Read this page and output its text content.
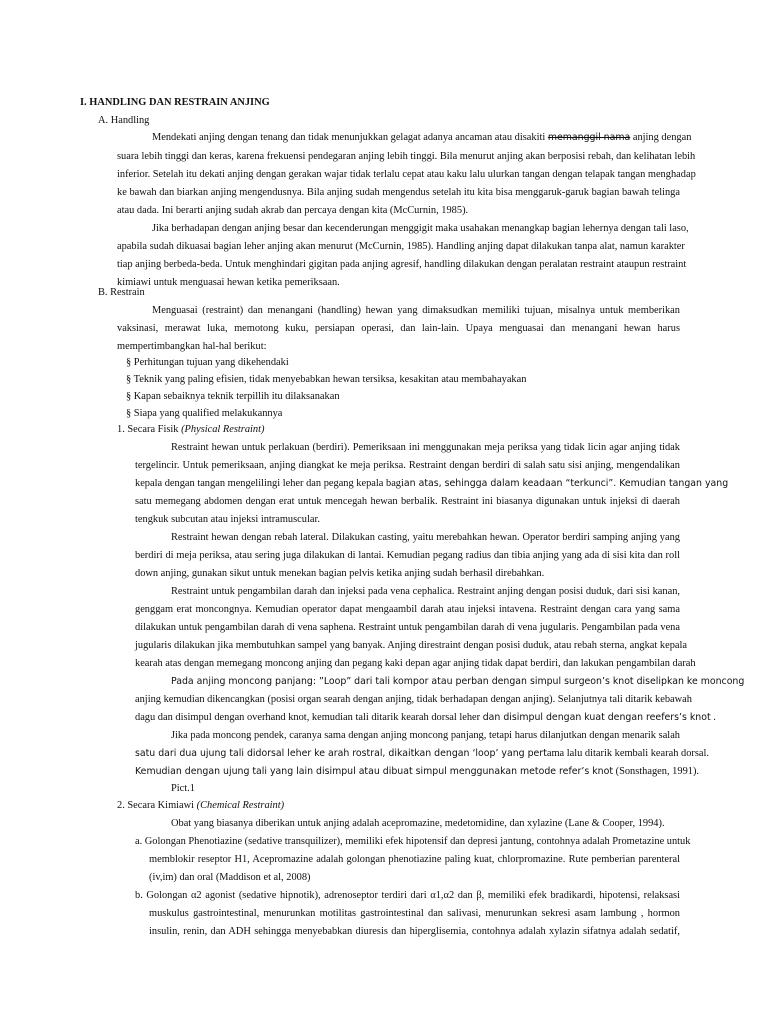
I. HANDLING DAN RESTRAIN ANJING
A. Handling
Mendekati anjing dengan tenang dan tidak menunjukkan gelagat adanya ancaman atau disakiti memanggil nama anjing dengan
suara lebih tinggi dan keras, karena frekuensi pendegaran anjing lebih tinggi. Bila menurut anjing akan berposisi rebah, dan kelihatan lebih
inferior. Setelah itu dekati anjing dengan gerakan wajar tidak terlalu cepat atau kaku lalu ulurkan tangan dengan telapak tangan menghadap
ke bawah dan biarkan anjing mengendusnya. Bila anjing sudah mengendus setelah itu kita bisa menggaruk-garuk bagian bawah telinga
atau dada. Ini berarti anjing sudah akrab dan percaya dengan kita (McCurnin, 1985).
Jika berhadapan dengan anjing besar dan kecenderungan menggigit maka usahakan menangkap bagian lehernya dengan tali laso,
apabila sudah dikuasai bagian leher anjing akan menurut (McCurnin, 1985). Handling anjing dapat dilakukan tanpa alat, namun karakter
tiap anjing berbeda-beda. Untuk menghindari gigitan pada anjing agresif, handling dilakukan dengan peralatan restraint ataupun restraint
kimiawi untuk menguasai hewan ketika pemeriksaan.
B. Restrain
Menguasai (restraint) dan menangani (handling) hewan yang dimaksudkan memiliki tujuan, misalnya untuk memberikan
vaksinasi, merawat luka, memotong kuku, persiapan operasi, dan lain-lain. Upaya menguasai dan menangani hewan harus
mempertimbangkan hal-hal berikut:
§ Perhitungan tujuan yang dikehendaki
§ Teknik yang paling efisien, tidak menyebabkan hewan tersiksa, kesakitan atau membahayakan
§ Kapan sebaiknya teknik terpillih itu dilaksanakan
§ Siapa yang qualified melakukannya
1. Secara Fisik (Physical Restraint)
Restraint hewan untuk perlakuan (berdiri). Pemeriksaan ini menggunakan meja periksa yang tidak licin agar anjing tidak
tergelincir. Untuk pemeriksaan, anjing diangkat ke meja periksa. Restraint dengan berdiri di salah satu sisi anjing, mengendalikan
kepala dengan tangan mengelilingi leher dan pegang kepala bagian atas, sehingga dalam keadaan “terkunci”. Kemudian tangan yang
satu memegang abdomen dengan erat untuk mencegah hewan berbalik. Restraint ini biasanya digunakan untuk injeksi di daerah
tengkuk subcutan atau injeksi intramuscular.
Restraint hewan dengan rebah lateral. Dilakukan casting, yaitu merebahkan hewan. Operator berdiri samping anjing yang
berdiri di meja periksa, atau sering juga dilakukan di lantai. Kemudian pegang radius dan tibia anjing yang ada di sisi kita dan roll
down anjing, gunakan sikut untuk menekan bagian pelvis ketika anjing sudah berhasil direbahkan.
Restraint untuk pengambilan darah dan injeksi pada vena cephalica. Restraint anjing dengan posisi duduk, dari sisi kanan,
genggam erat moncongnya. Kemudian operator dapat mengaambil darah atau injeksi intavena. Restraint dengan cara yang sama
dilakukan untuk pengambilan darah di vena saphena. Restraint untuk pengambilan darah di vena jugularis. Pengambilan pada vena
jugularis dilakukan jika membutuhkan sampel yang banyak. Anjing direstraint dengan posisi duduk, atau rebah sterna, angkat kepala
kearah atas dengan memegang moncong anjing dan pegang kaki depan agar anjing tidak dapat berdiri, dan lakukan pengambilan darah
Pada anjing moncong panjang: ”Loop” dari tali kompor atau perban dengan simpul surgeon’s knot diselipkan ke moncong
anjing kemudian dikencangkan (posisi organ searah dengan anjing, tidak berhadapan dengan anjing). Selanjutnya tali ditarik kebawah
dagu dan disimpul dengan overhand knot, kemudian tali ditarik kearah dorsal leher dan disimpul dengan kuat dengan reefers’s knot .
Jika pada moncong pendek, caranya sama dengan anjing moncong panjang, tetapi harus dilanjutkan dengan menarik salah
satu dari dua ujung tali didorsal leher ke arah rostral, dikaitkan dengan ‘loop’ yang pertama lalu ditarik kembali kearah dorsal.
Kemudian dengan ujung tali yang lain disimpul atau dibuat simpul menggunakan metode refer’s knot (Sonsthagen, 1991).
Pict.1
2. Secara Kimiawi (Chemical Restraint)
Obat yang biasanya diberikan untuk anjing adalah acepromazine, medetomidine, dan xylazine (Lane & Cooper, 1994).
a. Golongan Phenotiazine (sedative transquilizer), memiliki efek hipotensif dan depresi jantung, contohnya adalah Prometazine untuk
memblokir reseptor H1, Acepromazine adalah golongan phenotiazine paling kuat, chlorpromazine. Rute pemberian parenteral
(iv,im) dan oral (Maddison et al, 2008)
b. Golongan α2 agonist (sedative hipnotik), adrenoseptor terdiri dari α1,α2 dan β, memiliki efek bradikardi, hipotensi, relaksasi
muskulus gastrointestinal, menurunkan motilitas gastrointestinal dan salivasi, menurunkan sekresi asam lambung , hormon
insulin, renin, dan ADH sehingga menyebabkan diuresis dan hiperglisemia, contohnya adalah xylazin sifatnya adalah sedatif,
